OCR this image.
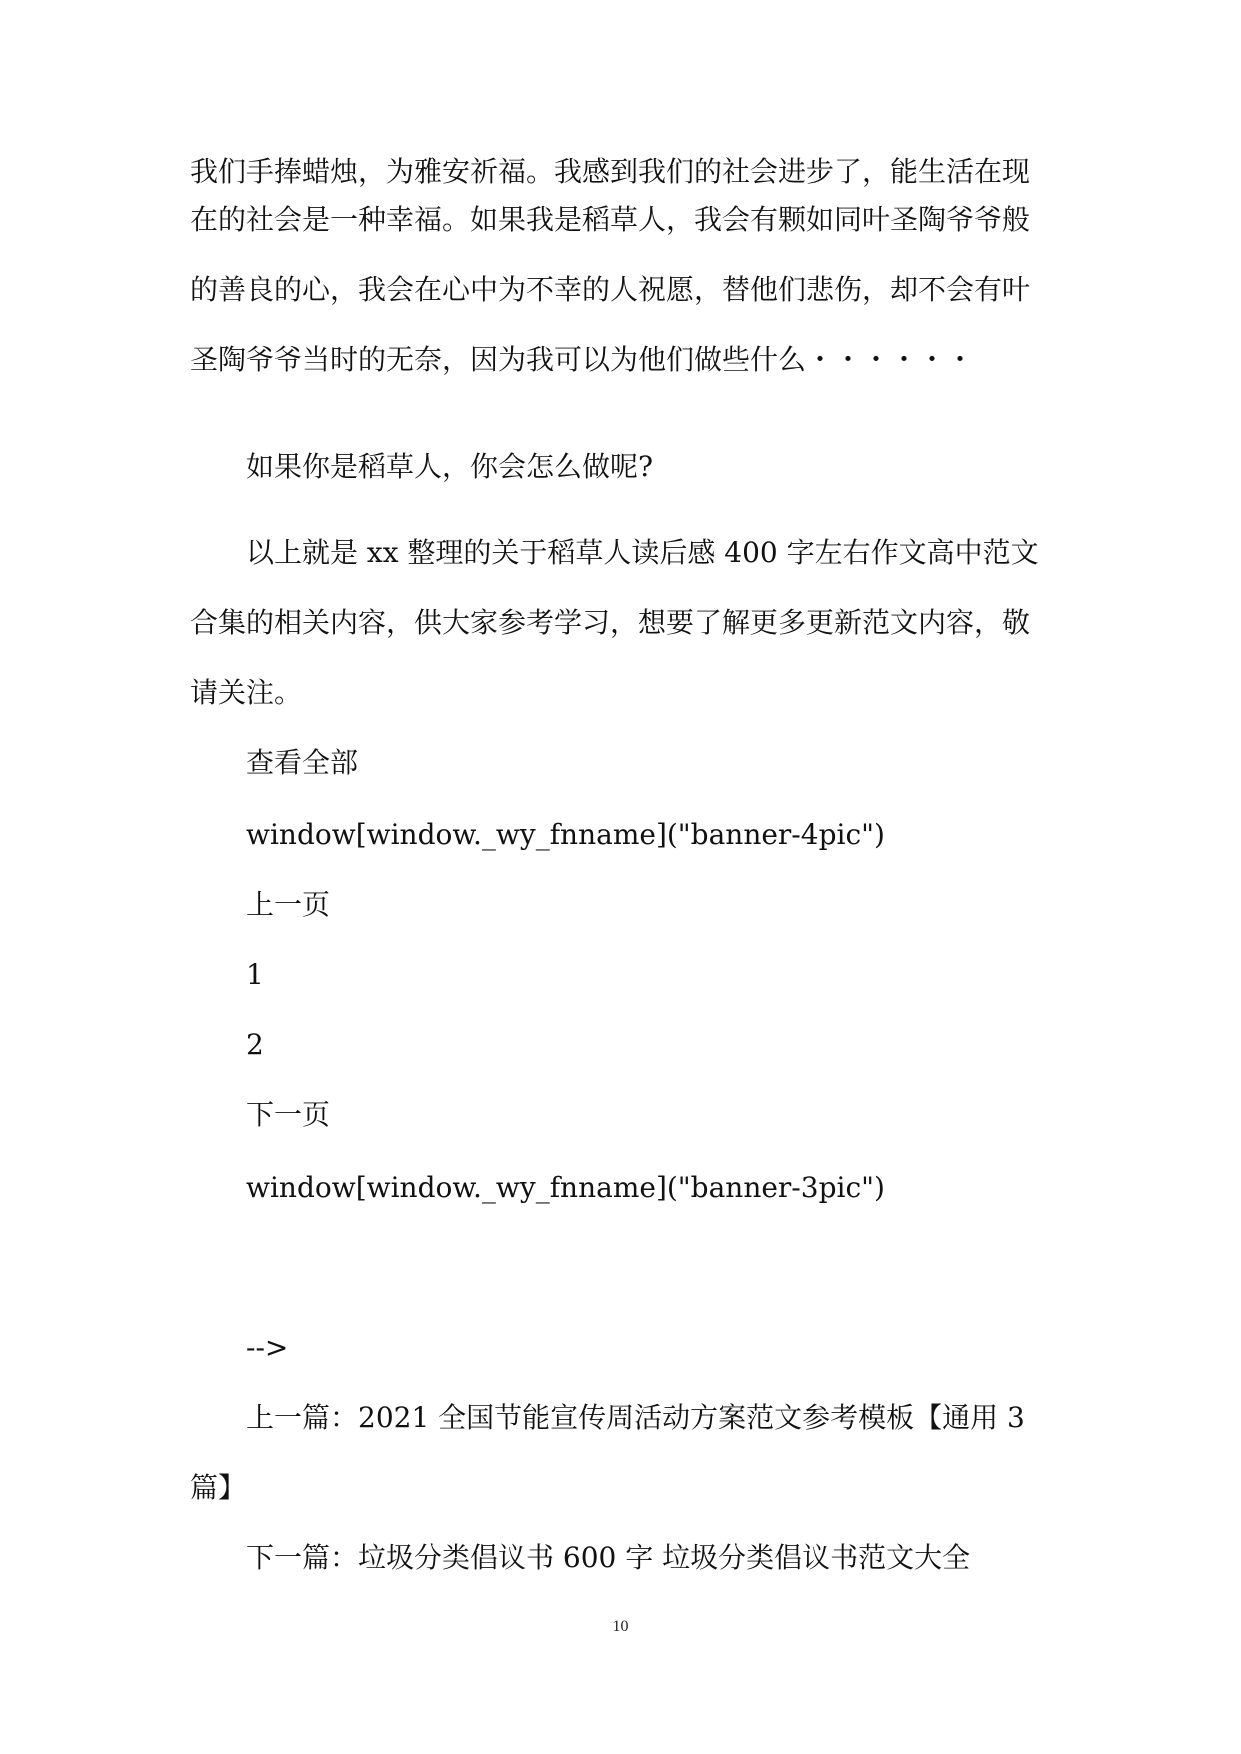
我们手捧蜡烛，为雅安祈福。我感到我们的社会进步了，能生活在现
在的社会是一种幸福。如果我是稻草人，我会有颗如同叶圣陶爷爷般
的善良的心，我会在心中为不幸的人祝愿，替他们悲伤，却不会有叶
圣陶爷爷当时的无奈，因为我可以为他们做些什么・・・・・・
如果你是稻草人，你会怎么做呢?
以上就是 xx 整理的关于稻草人读后感 400 字左右作文高中范文
合集的相关内容，供大家参考学习，想要了解更多更新范文内容，敬
请关注。
查看全部
window[window._wy_fnname]("banner-4pic")
上一页
1
2
下一页
window[window._wy_fnname]("banner-3pic")
-->
上一篇：2021 全国节能宣传周活动方案范文参考模板【通用 3
篇】
下一篇：垃圾分类倡议书 600 字 垃圾分类倡议书范文大全
10
